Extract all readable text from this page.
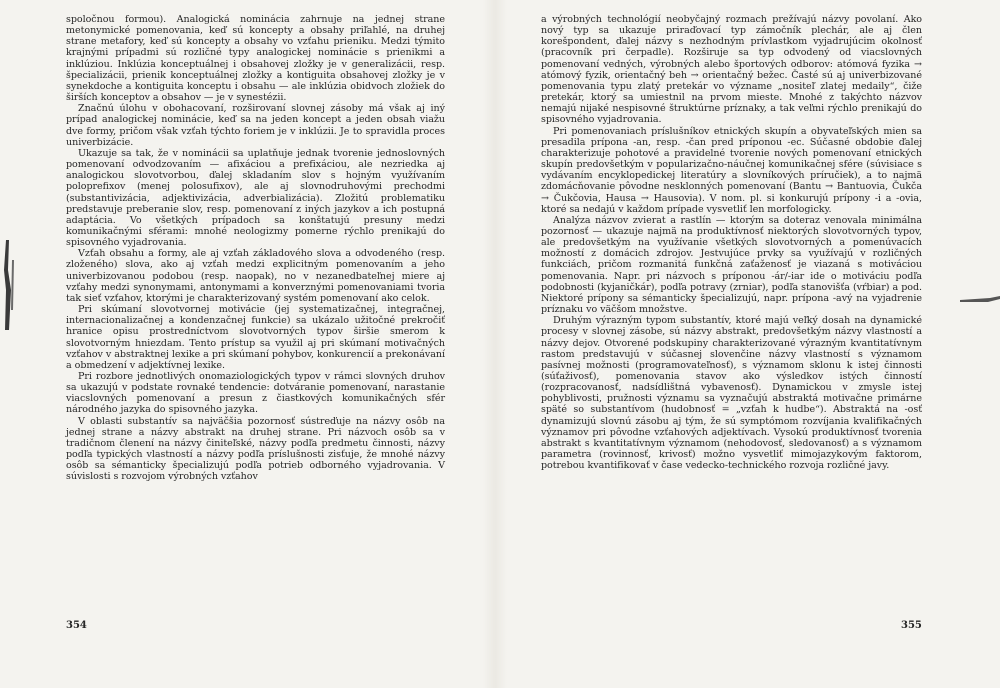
spoločnou formou). Analogická nominácia zahrnuje na jednej strane metonymické pomenovania, keď sú koncepty a obsahy priľahlé, na druhej strane metafory, keď sú koncepty a obsahy vo vzťahu prieniku. Medzi týmito krajnými prípadmi sú rozličné typy analogickej nominácie s prienikmi a inklúziou. Inklúzia konceptuálnej i obsahovej zložky je v generalizácii, resp. špecializácii, prienik konceptuálnej zložky a kontiguita obsahovej zložky je v synekdoche a kontiguita konceptu i obsahu — ale inklúzia obidvoch zložiek do širších konceptov a obsahov — je v synestézii.

Značnú úlohu v obohacovaní, rozširovaní slovnej zásoby má však aj iný prípad analogickej nominácie, keď sa na jeden koncept a jeden obsah viažu dve formy, pričom však vzťah týchto foriem je v inklúzii. Je to spravidla proces univerbizácie.

Ukazuje sa tak, že v nominácii sa uplatňuje jednak tvorenie jednoslovných pomenovaní odvodzovaním — afixáciou a prefixáciou, ale nezriedka aj analogickou slovotvorbou, ďalej skladaním slov s hojným využívaním polopreﬁxov (menej polosufixov), ale aj slovnodruhovými prechodmi (substantivizácia, adjektivizácia, adverbializácia). Zložitú problematiku predstavuje preberanie slov, resp. pomenovaní z iných jazykov a ich postupná adaptácia. Vo všetkých prípadoch sa konštatujú presuny medzi komunikačnými sférami: mnohé neologizmy pomerne rýchlo prenikajú do spisovného vyjadrovania.

Vzťah obsahu a formy, ale aj vzťah základového slova a odvodeného (resp. zloženého) slova, ako aj vzťah medzi explicitným pomenovaním a jeho univerbizovanou podobou (resp. naopak), no v nezanedbateľnej miere aj vzťahy medzi synonymami, antonymami a konverznými pomenovaniami tvoria tak sieť vzťahov, ktorými je charakterizovaný systém pomenovaní ako celok.

Pri skúmaní slovotvornej motivácie (jej systematizačnej, integračnej, internacionalizačnej a kondenzačnej funkcie) sa ukázalo užitočné prekročiť hranice opisu prostredníctvom slovotvorných typov širšie smerom k slovotvorným hniezdam. Tento prístup sa využil aj pri skúmaní motivačných vzťahov v abstraktnej lexike a pri skúmaní pohybov, konkurencií a prekonávaní a obmedzení v adjektívnej lexike.

Pri rozbore jednotlivých onomaziologických typov v rámci slovných druhov sa ukazujú v podstate rovnaké tendencie: dotváranie pomenovaní, narastanie viacslovných pomenovaní a presun z čiastkových komunikačných sfér národného jazyka do spisovného jazyka.

V oblasti substantív sa najväčšia pozornosť sústreďuje na názvy osôb na jednej strane a názvy abstrakt na druhej strane. Pri názvoch osôb sa v tradičnom členení na názvy činiteľské, názvy podľa predmetu činnosti, názvy podľa typických vlastností a názvy podľa príslušnosti zisťuje, že mnohé názvy osôb sa sémanticky špecializujú podľa potrieb odborného vyjadrovania. V súvislosti s rozvojom výrobných vzťahov

354

a výrobných technológií neobyčajný rozmach prežívajú názvy povolaní. Ako nový typ sa ukazuje priraďovací typ zámočník plechár, ale aj člen korešpondent, ďalej názvy s nezhodným prívlastkom vyjadrujúcim okolnosť (pracovník pri čerpadle). Rozširuje sa typ odvodený od viacslovných pomenovaní vedných, výrobných alebo športových odborov: atómová fyzika → atómový fyzik, orientačný beh → orientačný bežec. Časté sú aj univerbizované pomenovania typu zlatý pretekár vo význame „nositeľ zlatej medaily“, čiže pretekár, ktorý sa umiestnil na prvom mieste. Mnohé z takýchto názvov nemajú nijaké nespisovné štruktúrne príznaky, a tak veľmi rýchlo prenikajú do spisovného vyjadrovania.

Pri pomenovaniach príslušníkov etnických skupín a obyvateľských mien sa presadila prípona -an, resp. -čan pred príponou -ec. Súčasné obdobie ďalej charakterizuje pohotové a pravidelné tvorenie nových pomenovaní etnických skupín predovšetkým v popularizačno-náučnej komunikačnej sfére (súvisiace s vydávaním encyklopedickej literatúry a slovníkových príručiek), a to najmä zdomácňovanie pôvodne nesklonných pomenovaní (Bantu → Bantuovia, Čukča → Čukčovia, Hausa → Hausovia). V nom. pl. si konkurujú prípony -i a -ovia, ktoré sa nedajú v každom prípade vysvetliť len morfologicky.

Analýza názvov zvierat a rastlín — ktorým sa doteraz venovala minimálna pozornosť — ukazuje najmä na produktívnosť niektorých slovotvorných typov, ale predovšetkým na využívanie všetkých slovotvorných a pomenúvacích možností z domácich zdrojov. Jestvujúce prvky sa využívajú v rozličných funkciách, pričom rozmanitá funkčná zaťaženosť je viazaná s motiváciou pomenovania. Napr. pri názvoch s príponou -ár/-iar ide o motiváciu podľa podobnosti (kyjaničkár), podľa potravy (zrniar), podľa stanovišťa (vŕbiar) a pod. Niektoré prípony sa sémanticky špecializujú, napr. prípona -avý na vyjadrenie príznaku vo väčšom množstve.

Druhým výrazným typom substantív, ktoré majú veľký dosah na dynamické procesy v slovnej zásobe, sú názvy abstrakt, predovšetkým názvy vlastností a názvy dejov. Otvorené podskupiny charakterizované výrazným kvantitatívnym rastom predstavujú v súčasnej slovenčine názvy vlastností s významom pasívnej možnosti (programovateľnosť), s významom sklonu k istej činnosti (súťaživosť), pomenovania stavov ako výsledkov istých činností (rozpracovanosť, nadsídlištná vybavenosť). Dynamickou v zmysle istej pohyblivosti, pružnosti významu sa vyznačujú abstraktá motivačne primárne späté so substantívom (hudobnosť = „vzťah k hudbe“). Abstraktá na -osť dynamizujú slovnú zásobu aj tým, že sú symptómom rozvíjania kvalifikačných významov pri pôvodne vzťahových adjektívach. Vysokú produktívnosť tvorenia abstrakt s kvantitatívnym významom (nehodovosť, sledovanosť) a s významom parametra (rovinnosť, krivosť) možno vysvetliť mimojazykovým faktorom, potrebou kvantifikovať v čase vedecko-technického rozvoja rozličné javy.

355
